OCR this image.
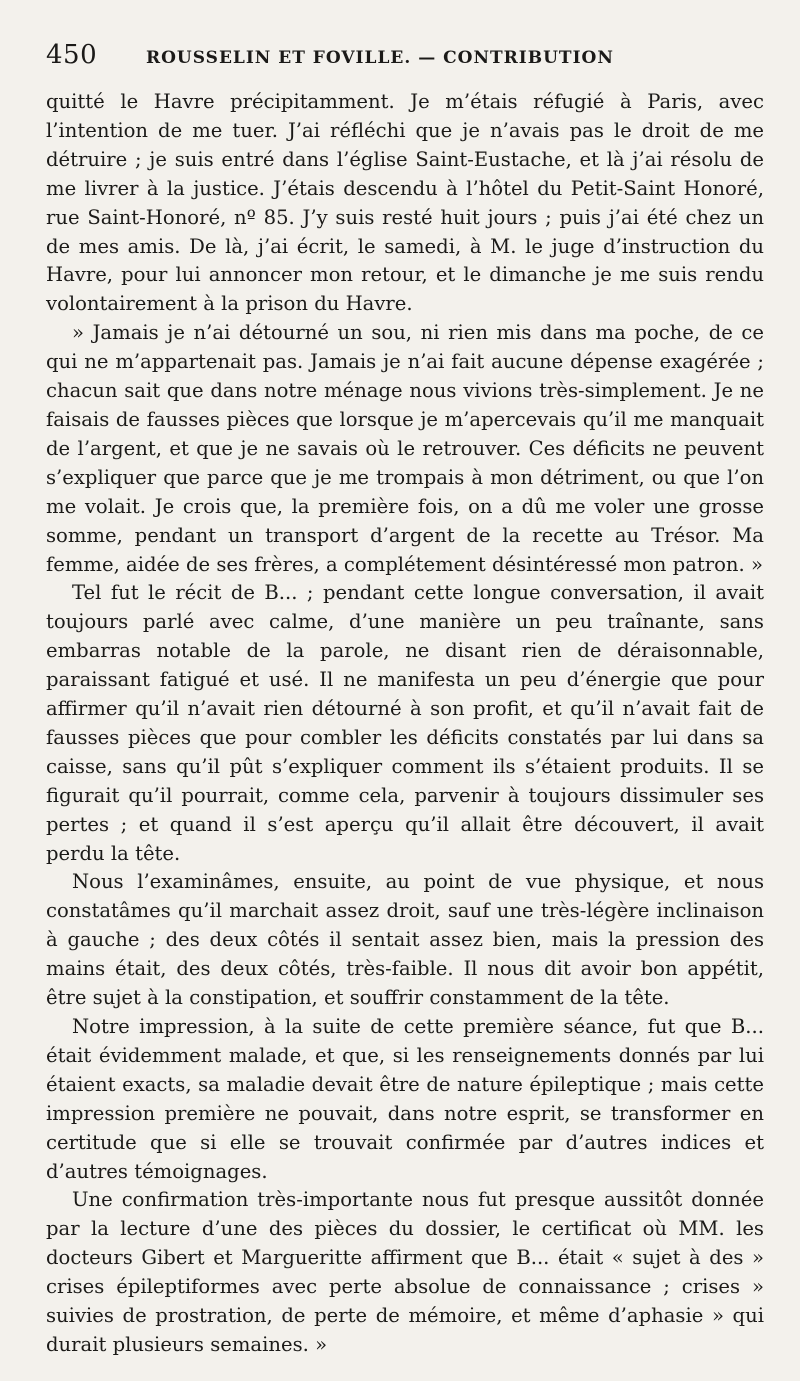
450	ROUSSELIN ET FOVILLE. — CONTRIBUTION

quitté le Havre précipitamment. Je m’étais réfugié à Paris, avec l’intention de me tuer. J’ai réfléchi que je n’avais pas le droit de me détruire ; je suis entré dans l’église Saint-Eustache, et là j’ai résolu de me livrer à la justice. J’étais descendu à l’hôtel du Petit-Saint Honoré, rue Saint-Honoré, nº 85. J’y suis resté huit jours ; puis j’ai été chez un de mes amis. De là, j’ai écrit, le samedi, à M. le juge d’instruction du Havre, pour lui annoncer mon retour, et le dimanche je me suis rendu volontairement à la prison du Havre.

» Jamais je n’ai détourné un sou, ni rien mis dans ma poche, de ce qui ne m’appartenait pas. Jamais je n’ai fait aucune dépense exagérée ; chacun sait que dans notre ménage nous vivions très-simplement. Je ne faisais de fausses pièces que lorsque je m’apercevais qu’il me manquait de l’argent, et que je ne savais où le retrouver. Ces déficits ne peuvent s’expliquer que parce que je me trompais à mon détriment, ou que l’on me volait. Je crois que, la première fois, on a dû me voler une grosse somme, pendant un transport d’argent de la recette au Trésor. Ma femme, aidée de ses frères, a complétement désintéressé mon patron. »

Tel fut le récit de B... ; pendant cette longue conversation, il avait toujours parlé avec calme, d’une manière un peu traînante, sans embarras notable de la parole, ne disant rien de déraisonnable, paraissant fatigué et usé. Il ne manifesta un peu d’énergie que pour affirmer qu’il n’avait rien détourné à son profit, et qu’il n’avait fait de fausses pièces que pour combler les déficits constatés par lui dans sa caisse, sans qu’il pût s’expliquer comment ils s’étaient produits. Il se figurait qu’il pourrait, comme cela, parvenir à toujours dissimuler ses pertes ; et quand il s’est aperçu qu’il allait être découvert, il avait perdu la tête.

Nous l’examinâmes, ensuite, au point de vue physique, et nous constatâmes qu’il marchait assez droit, sauf une très-légère inclinaison à gauche ; des deux côtés il sentait assez bien, mais la pression des mains était, des deux côtés, très-faible. Il nous dit avoir bon appétit, être sujet à la constipation, et souffrir constamment de la tête.

Notre impression, à la suite de cette première séance, fut que B... était évidemment malade, et que, si les renseignements donnés par lui étaient exacts, sa maladie devait être de nature épileptique ; mais cette impression première ne pouvait, dans notre esprit, se transformer en certitude que si elle se trouvait confirmée par d’autres indices et d’autres témoignages.

Une confirmation très-importante nous fut presque aussitôt donnée par la lecture d’une des pièces du dossier, le certificat où MM. les docteurs Gibert et Margueritte affirment que B... était « sujet à des » crises épileptiformes avec perte absolue de connaissance ; crises » suivies de prostration, de perte de mémoire, et même d’aphasie » qui durait plusieurs semaines. »
